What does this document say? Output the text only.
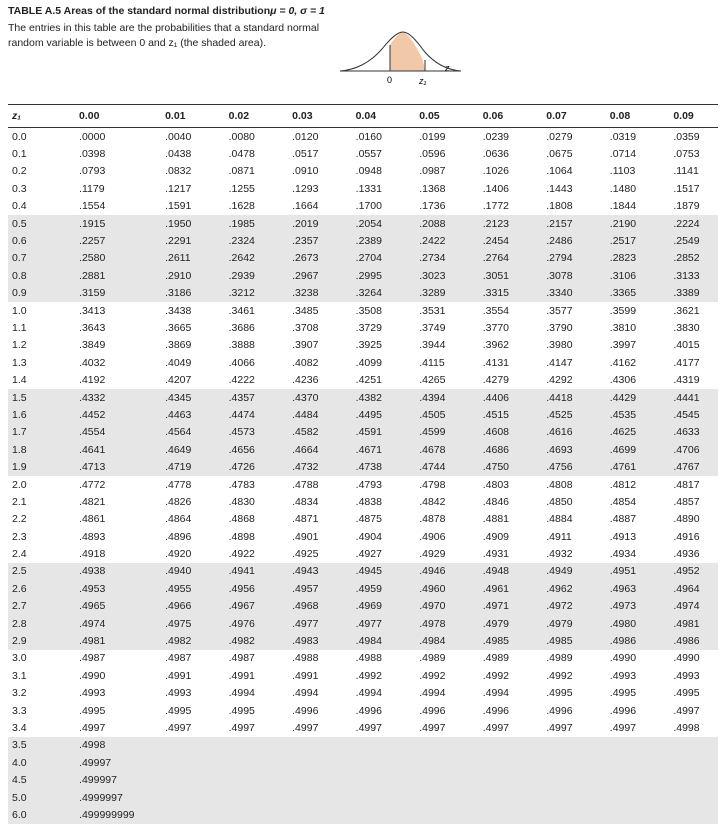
TABLE A.5 Areas of the standard normal distributionμ = 0, σ = 1
The entries in this table are the probabilities that a standard normal random variable is between 0 and z₁ (the shaded area).
0	z₁
z
z₁	0.00	0.01	0.02	0.03	0.04	0.05	0.06	0.07	0.08	0.09
0.0	.0000	.0040	.0080	.0120	.0160	.0199	.0239	.0279	.0319	.0359
0.1	.0398	.0438	.0478	.0517	.0557	.0596	.0636	.0675	.0714	.0753
0.2	.0793	.0832	.0871	.0910	.0948	.0987	.1026	.1064	.1103	.1141
0.3	.1179	.1217	.1255	.1293	.1331	.1368	.1406	.1443	.1480	.1517
0.4	.1554	.1591	.1628	.1664	.1700	.1736	.1772	.1808	.1844	.1879
0.5	.1915	.1950	.1985	.2019	.2054	.2088	.2123	.2157	.2190	.2224
0.6	.2257	.2291	.2324	.2357	.2389	.2422	.2454	.2486	.2517	.2549
0.7	.2580	.2611	.2642	.2673	.2704	.2734	.2764	.2794	.2823	.2852
0.8	.2881	.2910	.2939	.2967	.2995	.3023	.3051	.3078	.3106	.3133
0.9	.3159	.3186	.3212	.3238	.3264	.3289	.3315	.3340	.3365	.3389
1.0	.3413	.3438	.3461	.3485	.3508	.3531	.3554	.3577	.3599	.3621
1.1	.3643	.3665	.3686	.3708	.3729	.3749	.3770	.3790	.3810	.3830
1.2	.3849	.3869	.3888	.3907	.3925	.3944	.3962	.3980	.3997	.4015
1.3	.4032	.4049	.4066	.4082	.4099	.4115	.4131	.4147	.4162	.4177
1.4	.4192	.4207	.4222	.4236	.4251	.4265	.4279	.4292	.4306	.4319
1.5	.4332	.4345	.4357	.4370	.4382	.4394	.4406	.4418	.4429	.4441
1.6	.4452	.4463	.4474	.4484	.4495	.4505	.4515	.4525	.4535	.4545
1.7	.4554	.4564	.4573	.4582	.4591	.4599	.4608	.4616	.4625	.4633
1.8	.4641	.4649	.4656	.4664	.4671	.4678	.4686	.4693	.4699	.4706
1.9	.4713	.4719	.4726	.4732	.4738	.4744	.4750	.4756	.4761	.4767
2.0	.4772	.4778	.4783	.4788	.4793	.4798	.4803	.4808	.4812	.4817
2.1	.4821	.4826	.4830	.4834	.4838	.4842	.4846	.4850	.4854	.4857
2.2	.4861	.4864	.4868	.4871	.4875	.4878	.4881	.4884	.4887	.4890
2.3	.4893	.4896	.4898	.4901	.4904	.4906	.4909	.4911	.4913	.4916
2.4	.4918	.4920	.4922	.4925	.4927	.4929	.4931	.4932	.4934	.4936
2.5	.4938	.4940	.4941	.4943	.4945	.4946	.4948	.4949	.4951	.4952
2.6	.4953	.4955	.4956	.4957	.4959	.4960	.4961	.4962	.4963	.4964
2.7	.4965	.4966	.4967	.4968	.4969	.4970	.4971	.4972	.4973	.4974
2.8	.4974	.4975	.4976	.4977	.4977	.4978	.4979	.4979	.4980	.4981
2.9	.4981	.4982	.4982	.4983	.4984	.4984	.4985	.4985	.4986	.4986
3.0	.4987	.4987	.4987	.4988	.4988	.4989	.4989	.4989	.4990	.4990
3.1	.4990	.4991	.4991	.4991	.4992	.4992	.4992	.4992	.4993	.4993
3.2	.4993	.4993	.4994	.4994	.4994	.4994	.4994	.4995	.4995	.4995
3.3	.4995	.4995	.4995	.4996	.4996	.4996	.4996	.4996	.4996	.4997
3.4	.4997	.4997	.4997	.4997	.4997	.4997	.4997	.4997	.4997	.4998
3.5	.4998									
4.0	.49997									
4.5	.499997									
5.0	.4999997									
6.0	.499999999									
